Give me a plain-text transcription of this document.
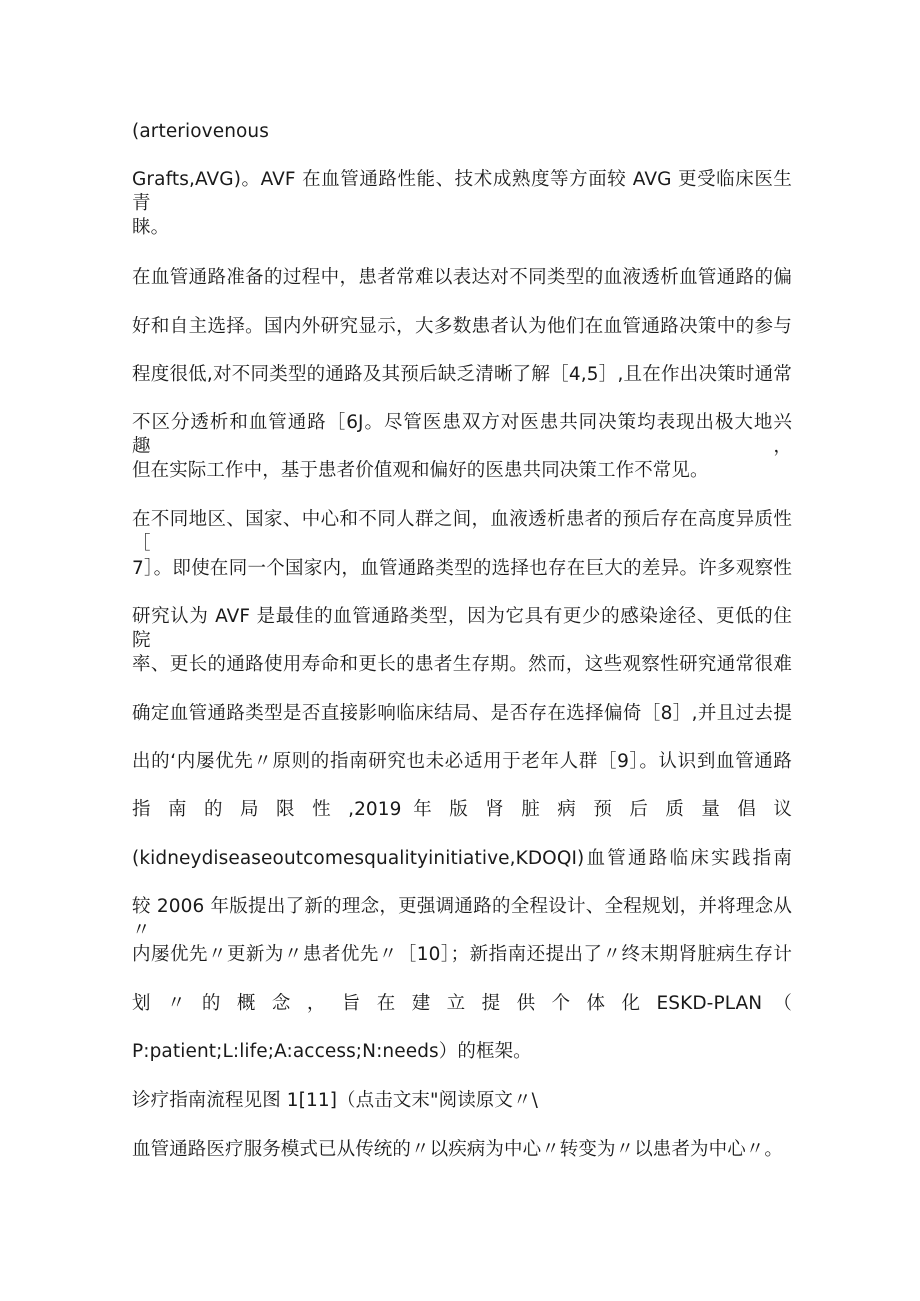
(arteriovenous
Grafts,AVG)。AVF 在血管通路性能、技术成熟度等方面较 AVG 更受临床医生青
睐。
在血管通路准备的过程中，患者常难以表达对不同类型的血液透析血管通路的偏
好和自主选择。国内外研究显示，大多数患者认为他们在血管通路决策中的参与
程度很低,对不同类型的通路及其预后缺乏清晰了解［4,5］,且在作出决策时通常
不区分透析和血管通路［6J。尽管医患双方对医患共同决策均表现出极大地兴趣，
但在实际工作中，基于患者价值观和偏好的医患共同决策工作不常见。
在不同地区、国家、中心和不同人群之间，血液透析患者的预后存在高度异质性［
7］。即使在同一个国家内，血管通路类型的选择也存在巨大的差异。许多观察性
研究认为 AVF 是最佳的血管通路类型，因为它具有更少的感染途径、更低的住院
率、更长的通路使用寿命和更长的患者生存期。然而，这些观察性研究通常很难
确定血管通路类型是否直接影响临床结局、是否存在选择偏倚［8］,并且过去提
出的‘内屡优先〃原则的指南研究也未必适用于老年人群［9］。认识到血管通路
指 南 的 局 限 性 ,2019 年 版 肾 脏 病 预 后 质 量 倡 议
(kidneydiseaseoutcomesqualityinitiative,KDOQI)血管通路临床实践指南
较 2006 年版提出了新的理念，更强调通路的全程设计、全程规划，并将理念从〃
内屡优先〃更新为〃患者优先〃［10］；新指南还提出了〃终末期肾脏病生存计
划 〃 的 概 念 ， 旨 在 建 立 提 供 个 体 化 ESKD-PLAN （
P:patient;L:life;A:access;N:needs）的框架。
诊疗指南流程见图 1[11]（点击文末"阅读原文〃\
血管通路医疗服务模式已从传统的〃以疾病为中心〃转变为〃以患者为中心〃。
